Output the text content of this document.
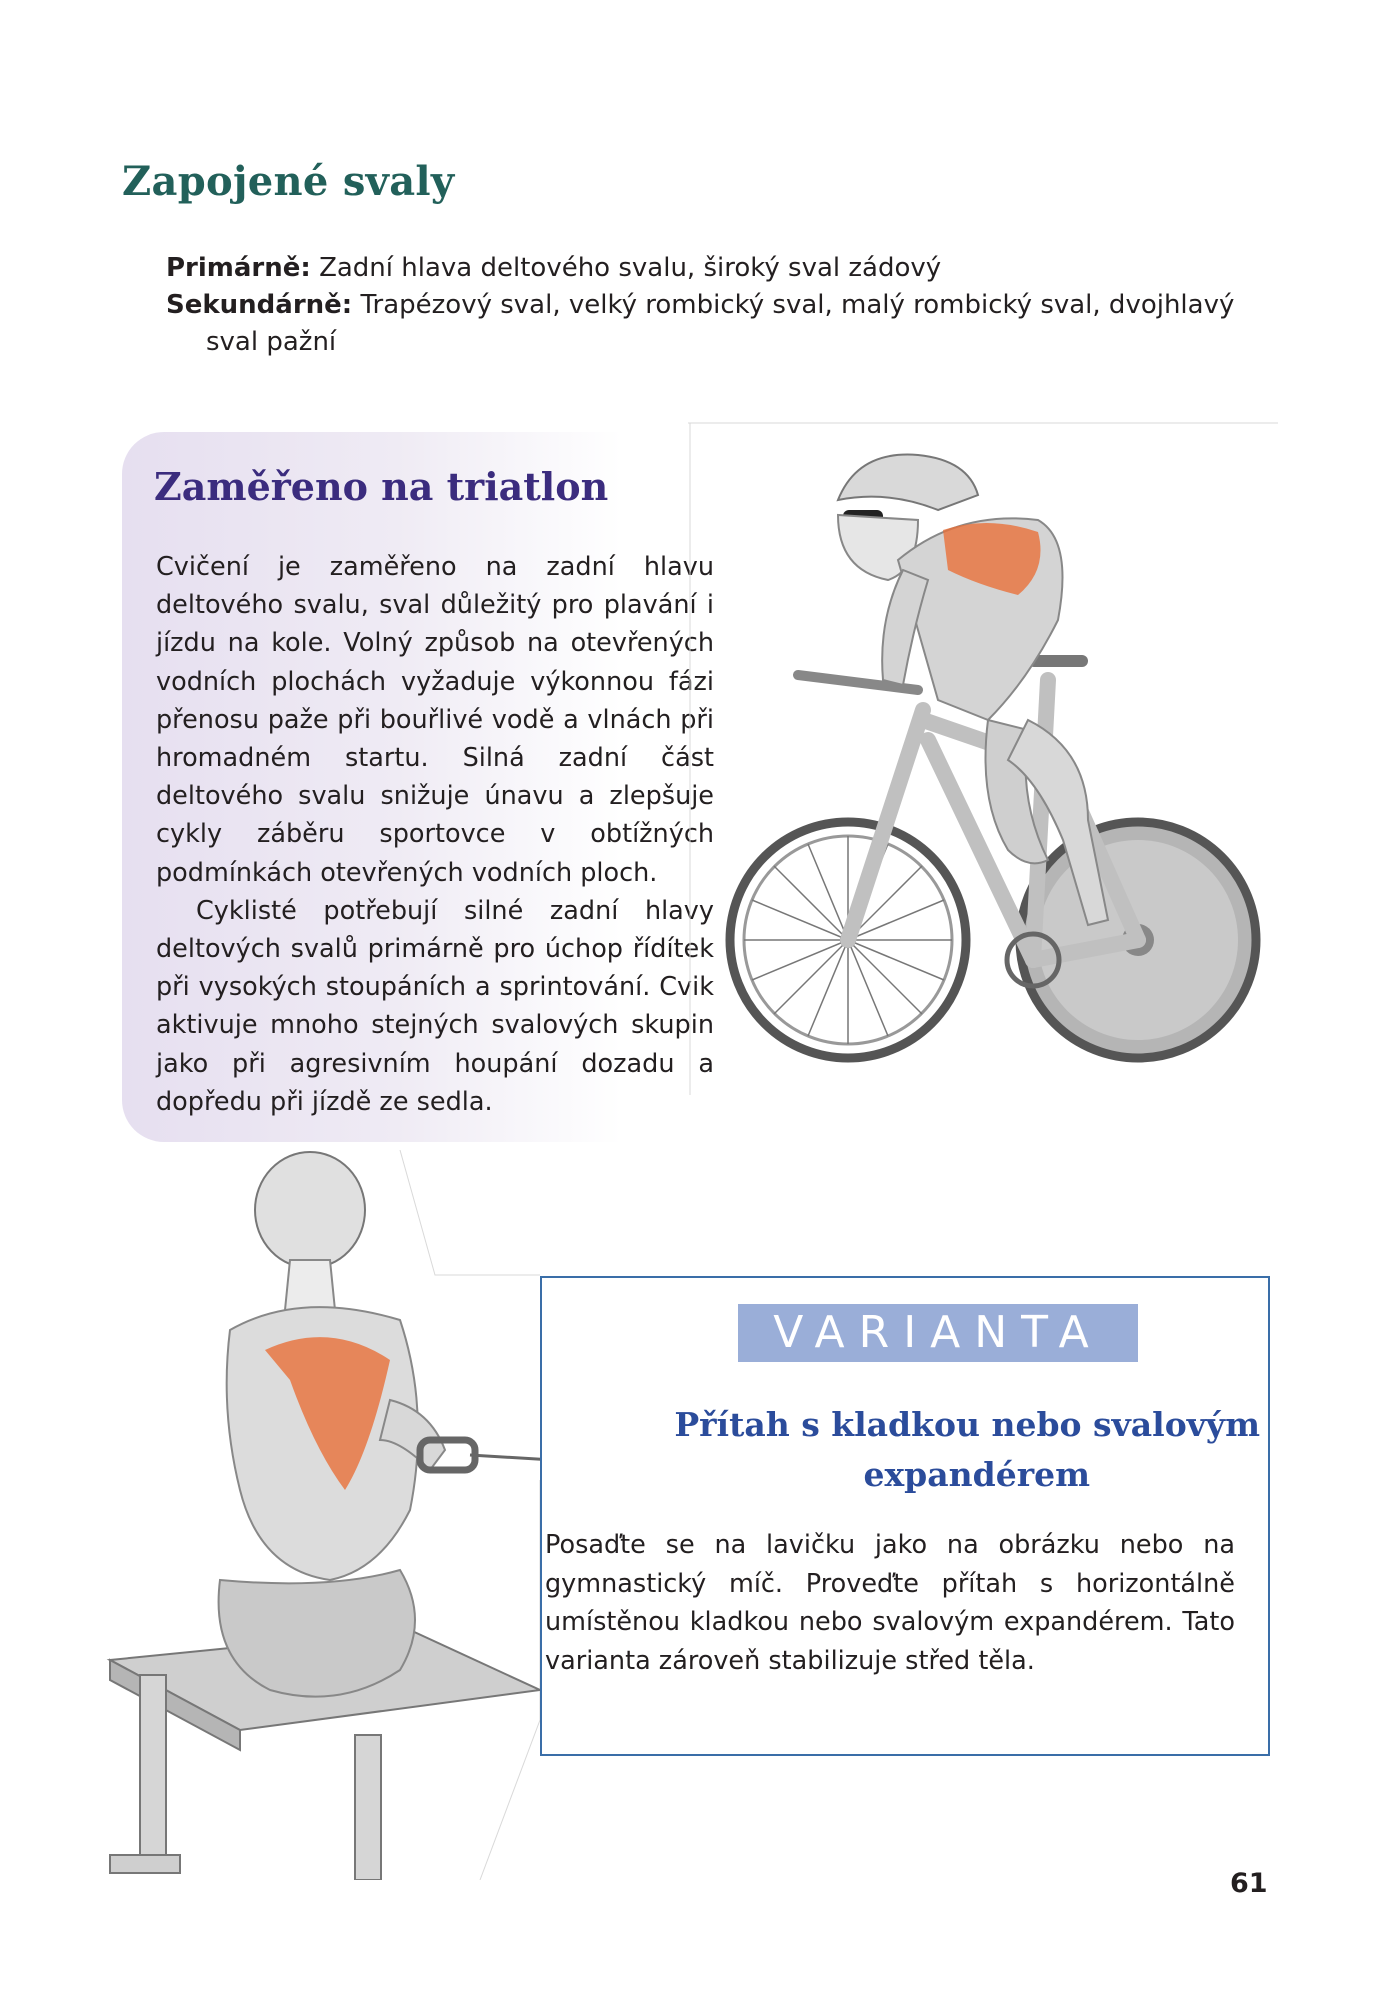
Zapojené svaly

Primárně: Zadní hlava deltového svalu, široký sval zádový

Sekundárně: Trapézový sval, velký rombický sval, malý rombický sval, dvojhlavý sval pažní

Zaměřeno na triatlon

Cvičení je zaměřeno na zadní hlavu deltového svalu, sval důležitý pro plavání i jízdu na kole. Volný způsob na otevřených vodních plochách vyžaduje výkonnou fázi přenosu paže při bouřlivé vodě a vlnách při hromadném startu. Silná zadní část deltového svalu snižuje únavu a zlepšuje cykly záběru sportovce v obtížných podmínkách otevřených vodních ploch.

Cyklisté potřebují silné zadní hlavy deltových svalů primárně pro úchop řídítek při vysokých stoupáních a sprintování. Cvik aktivuje mnoho stejných svalových skupin jako při agresivním houpání dozadu a dopředu při jízdě ze sedla.

VARIANTA
Přítah s kladkou nebo svalovým
expandérem
Posaďte se na lavičku jako na obrázku nebo na gymnastický míč. Proveďte přítah s horizontálně umístěnou kladkou nebo svalovým expandérem. Tato varianta zároveň stabilizuje střed těla.
61
